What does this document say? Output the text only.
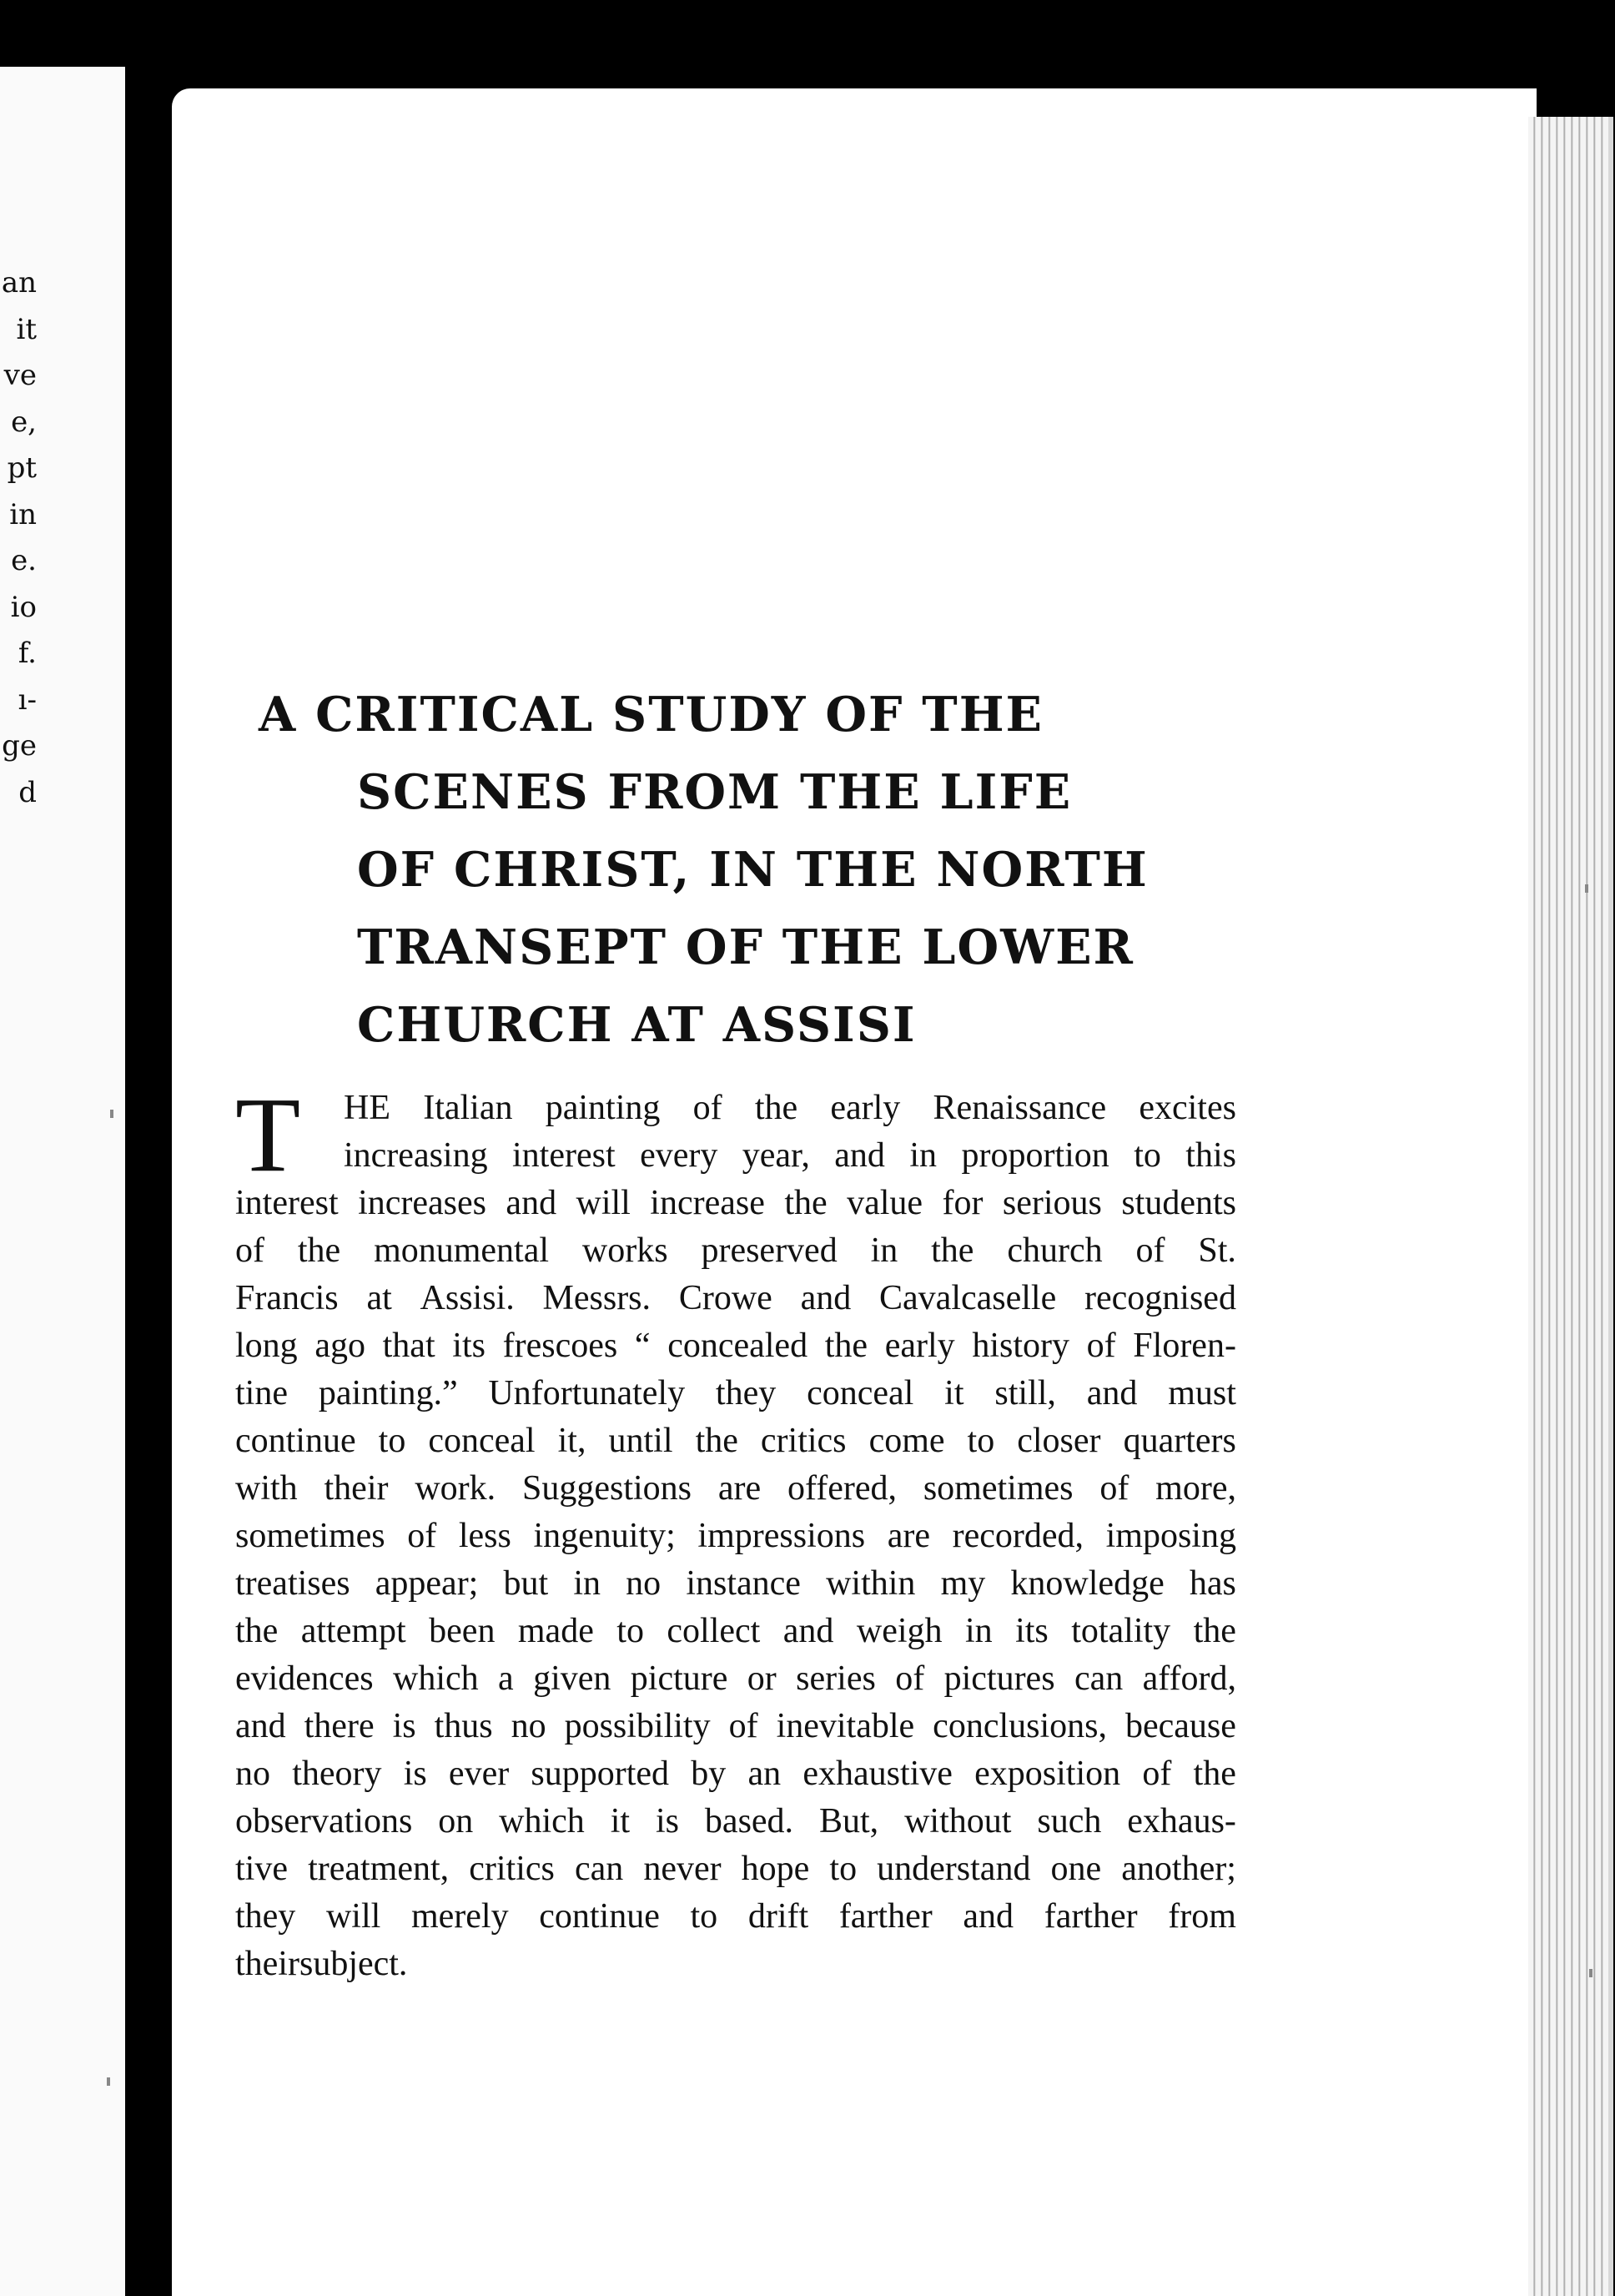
an
it
ve
e,
pt
in
e.
io
f.
ı-
ge
d
A CRITICAL STUDY OF THE
SCENES FROM THE LIFE
OF CHRIST, IN THE NORTH
TRANSEPT OF THE LOWER
CHURCH AT ASSISI
T HE Italian painting of the early Renaissance excites
increasing interest every year, and in proportion to this
interest increases and will increase the value for serious students
of the monumental works preserved in the church of St.
Francis at Assisi. Messrs. Crowe and Cavalcaselle recognised
long ago that its frescoes “ concealed the early history of Floren-
tine painting.” Unfortunately they conceal it still, and must
continue to conceal it, until the critics come to closer quarters
with their work. Suggestions are offered, sometimes of more,
sometimes of less ingenuity; impressions are recorded, imposing
treatises appear; but in no instance within my knowledge has
the attempt been made to collect and weigh in its totality the
evidences which a given picture or series of pictures can afford,
and there is thus no possibility of inevitable conclusions, because
no theory is ever supported by an exhaustive exposition of the
observations on which it is based. But, without such exhaus-
tive treatment, critics can never hope to understand one another;
they will merely continue to drift farther and farther from
their subject.
